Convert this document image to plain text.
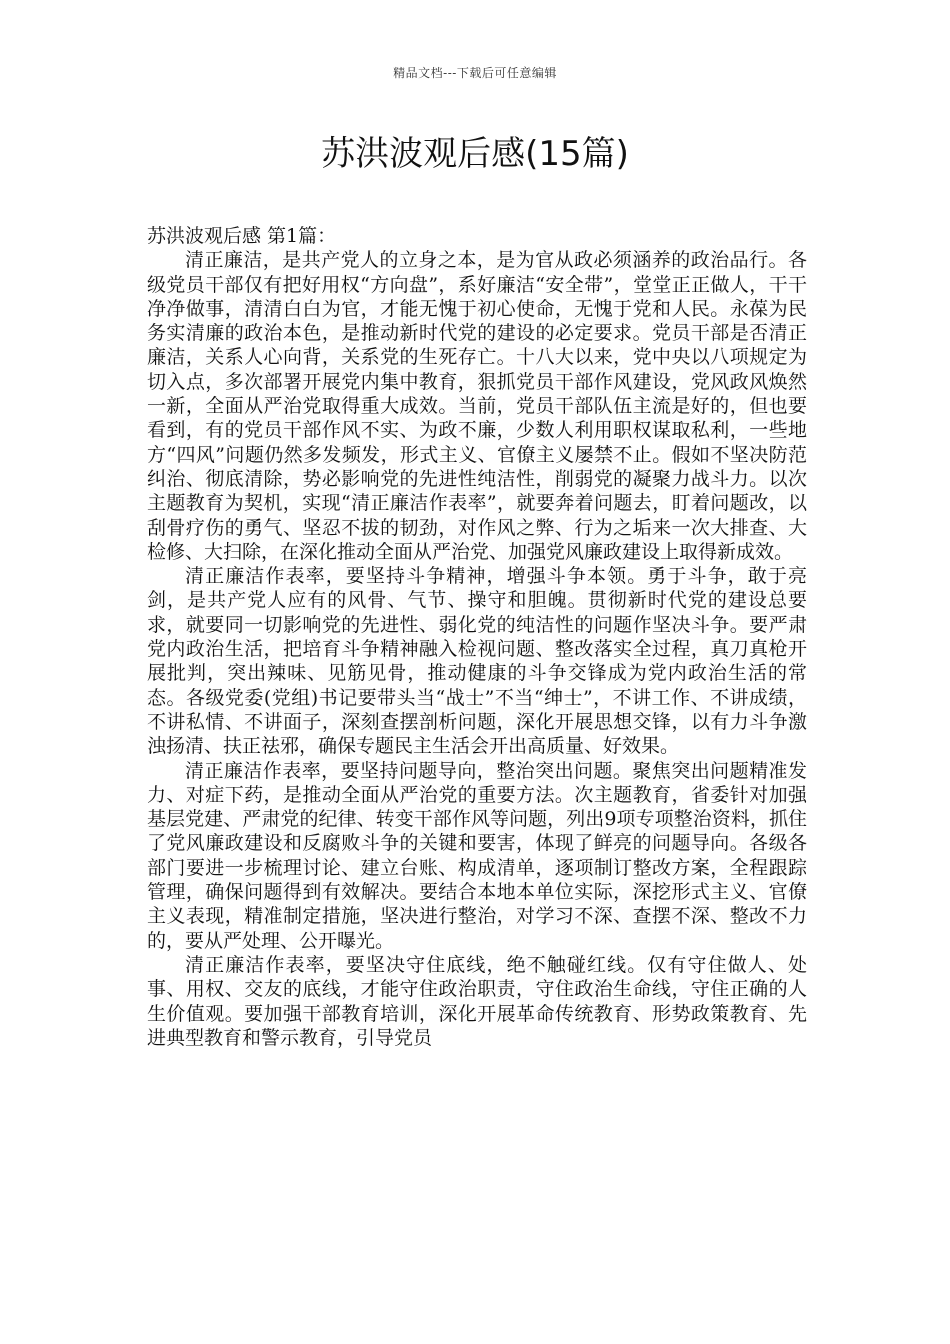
精品文档---下载后可任意编辑
苏洪波观后感(15篇)

苏洪波观后感 第1篇：

清正廉洁，是共产党人的立身之本，是为官从政必须涵养的政治品行。各级党员干部仅有把好用权“方向盘”，系好廉洁“安全带”，堂堂正正做人，干干净净做事，清清白白为官，才能无愧于初心使命，无愧于党和人民。永葆为民务实清廉的政治本色，是推动新时代党的建设的必定要求。党员干部是否清正廉洁，关系人心向背，关系党的生死存亡。十八大以来，党中央以八项规定为切入点，多次部署开展党内集中教育，狠抓党员干部作风建设，党风政风焕然一新，全面从严治党取得重大成效。当前，党员干部队伍主流是好的，但也要看到，有的党员干部作风不实、为政不廉，少数人利用职权谋取私利，一些地方“四风”问题仍然多发频发，形式主义、官僚主义屡禁不止。假如不坚决防范纠治、彻底清除，势必影响党的先进性纯洁性，削弱党的凝聚力战斗力。以次主题教育为契机，实现“清正廉洁作表率”，就要奔着问题去，盯着问题改，以刮骨疗伤的勇气、坚忍不拔的韧劲，对作风之弊、行为之垢来一次大排查、大检修、大扫除，在深化推动全面从严治党、加强党风廉政建设上取得新成效。

清正廉洁作表率，要坚持斗争精神，增强斗争本领。勇于斗争，敢于亮剑，是共产党人应有的风骨、气节、操守和胆魄。贯彻新时代党的建设总要求，就要同一切影响党的先进性、弱化党的纯洁性的问题作坚决斗争。要严肃党内政治生活，把培育斗争精神融入检视问题、整改落实全过程，真刀真枪开展批判，突出辣味、见筋见骨，推动健康的斗争交锋成为党内政治生活的常态。各级党委(党组)书记要带头当“战士”不当“绅士”，不讲工作、不讲成绩，不讲私情、不讲面子，深刻查摆剖析问题，深化开展思想交锋，以有力斗争激浊扬清、扶正祛邪，确保专题民主生活会开出高质量、好效果。

清正廉洁作表率，要坚持问题导向，整治突出问题。聚焦突出问题精准发力、对症下药，是推动全面从严治党的重要方法。次主题教育，省委针对加强基层党建、严肃党的纪律、转变干部作风等问题，列出9项专项整治资料，抓住了党风廉政建设和反腐败斗争的关键和要害，体现了鲜亮的问题导向。各级各部门要进一步梳理讨论、建立台账、构成清单，逐项制订整改方案，全程跟踪管理，确保问题得到有效解决。要结合本地本单位实际，深挖形式主义、官僚主义表现，精准制定措施，坚决进行整治，对学习不深、查摆不深、整改不力的，要从严处理、公开曝光。

清正廉洁作表率，要坚决守住底线，绝不触碰红线。仅有守住做人、处事、用权、交友的底线，才能守住政治职责，守住政治生命线，守住正确的人生价值观。要加强干部教育培训，深化开展革命传统教育、形势政策教育、先进典型教育和警示教育，引导党员
